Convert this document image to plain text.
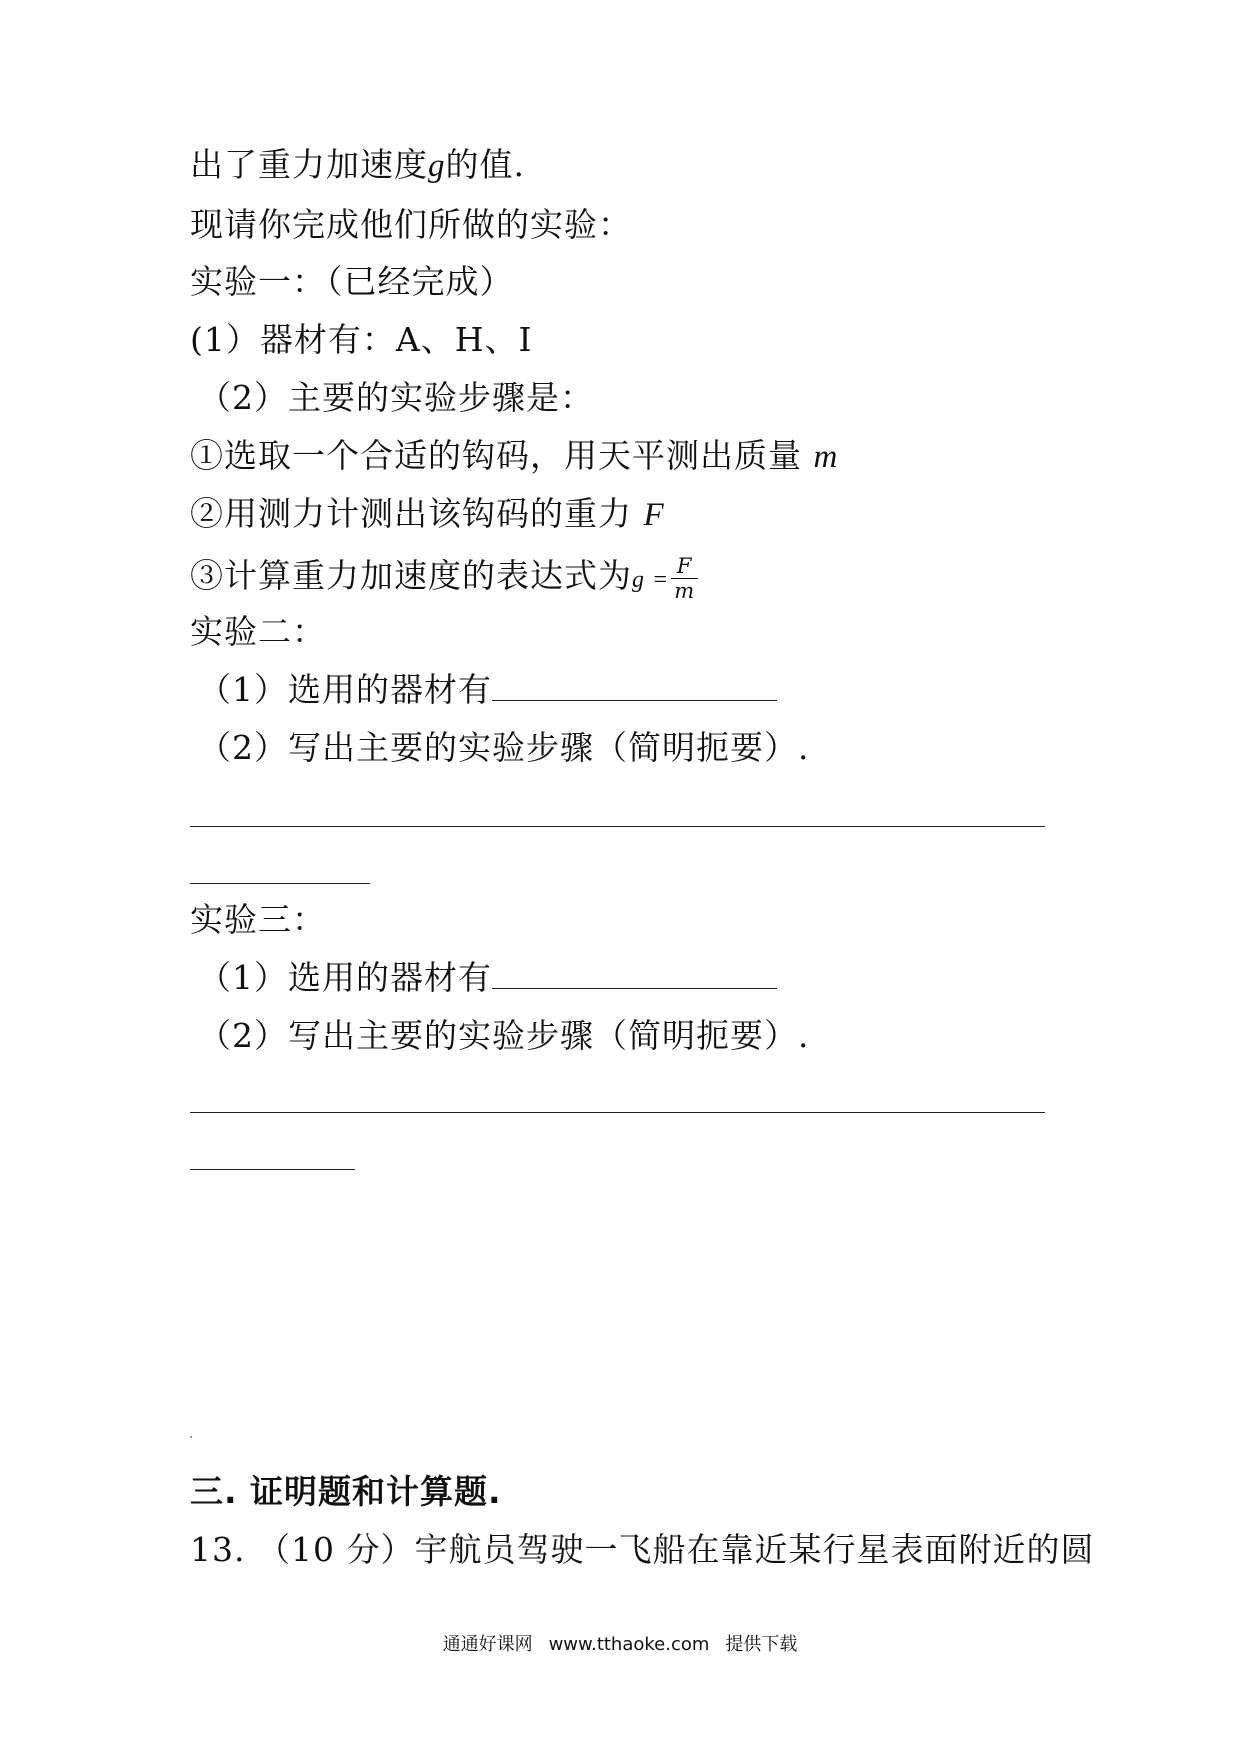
出了重力加速度g的值.
现请你完成他们所做的实验：
实验一：（已经完成）
(1）器材有：A、H、I
（2）主要的实验步骤是：
①选取一个合适的钩码，用天平测出质量 m
②用测力计测出该钩码的重力 F
③计算重力加速度的表达式为$g = \frac{F}{m}$
实验二：
（1）选用的器材有
（2）写出主要的实验步骤（简明扼要）.
实验三：
（1）选用的器材有
（2）写出主要的实验步骤（简明扼要）.
三. 证明题和计算题.
13. （10 分）宇航员驾驶一飞船在靠近某行星表面附近的圆
通通好课网 www.tthaoke.com 提供下载
